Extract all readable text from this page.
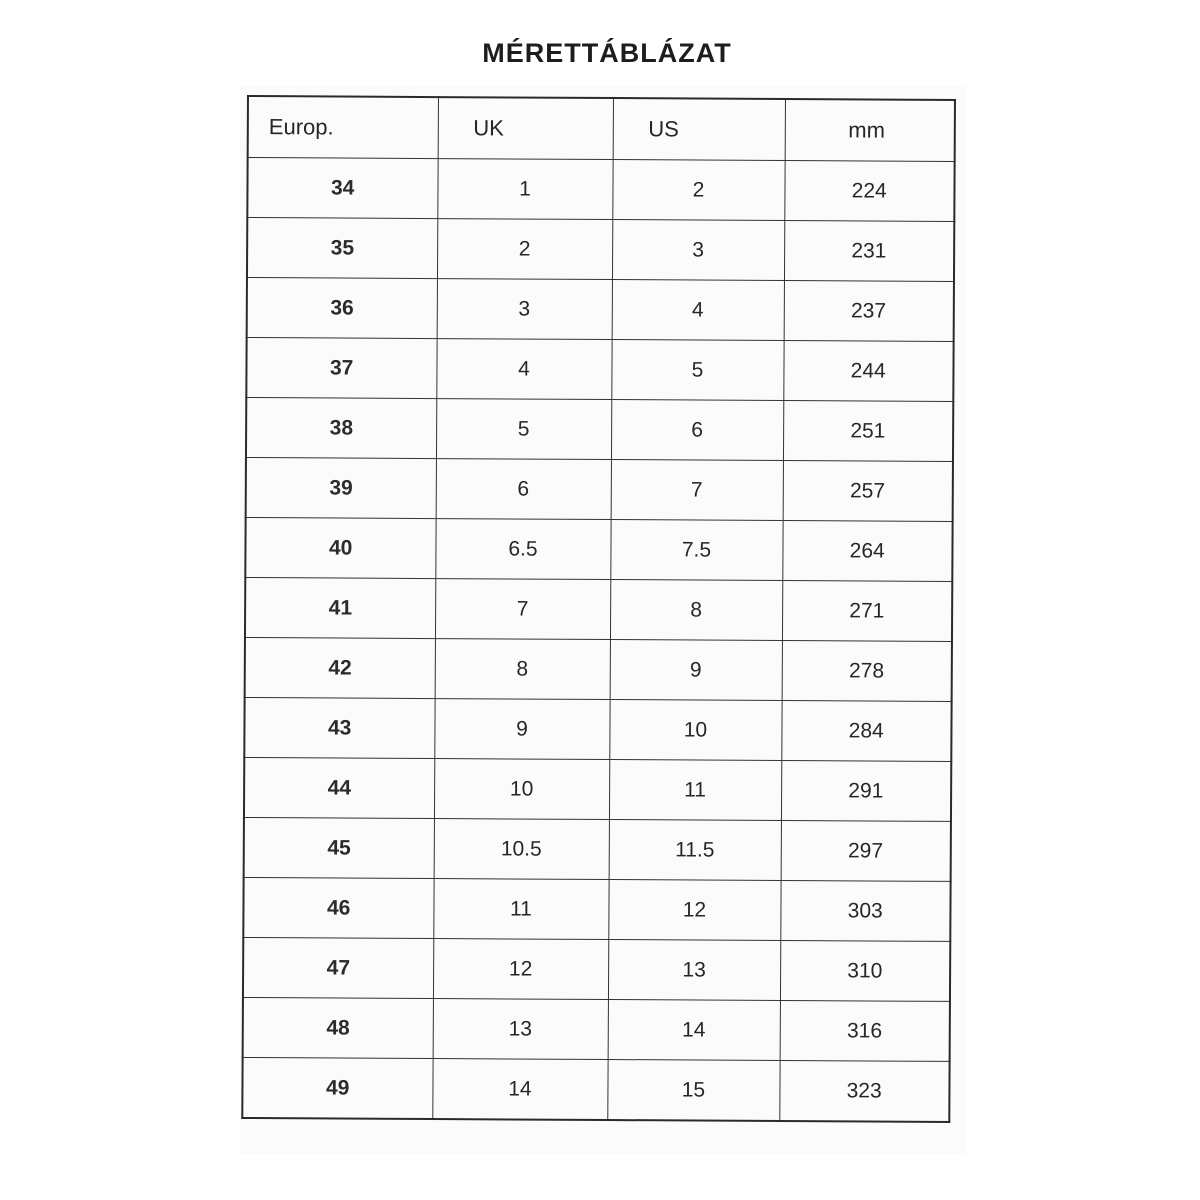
MÉRETTÁBLÁZAT
Europ.	UK	US	mm
34	1	2	224
35	2	3	231
36	3	4	237
37	4	5	244
38	5	6	251
39	6	7	257
40	6.5	7.5	264
41	7	8	271
42	8	9	278
43	9	10	284
44	10	11	291
45	10.5	11.5	297
46	11	12	303
47	12	13	310
48	13	14	316
49	14	15	323
